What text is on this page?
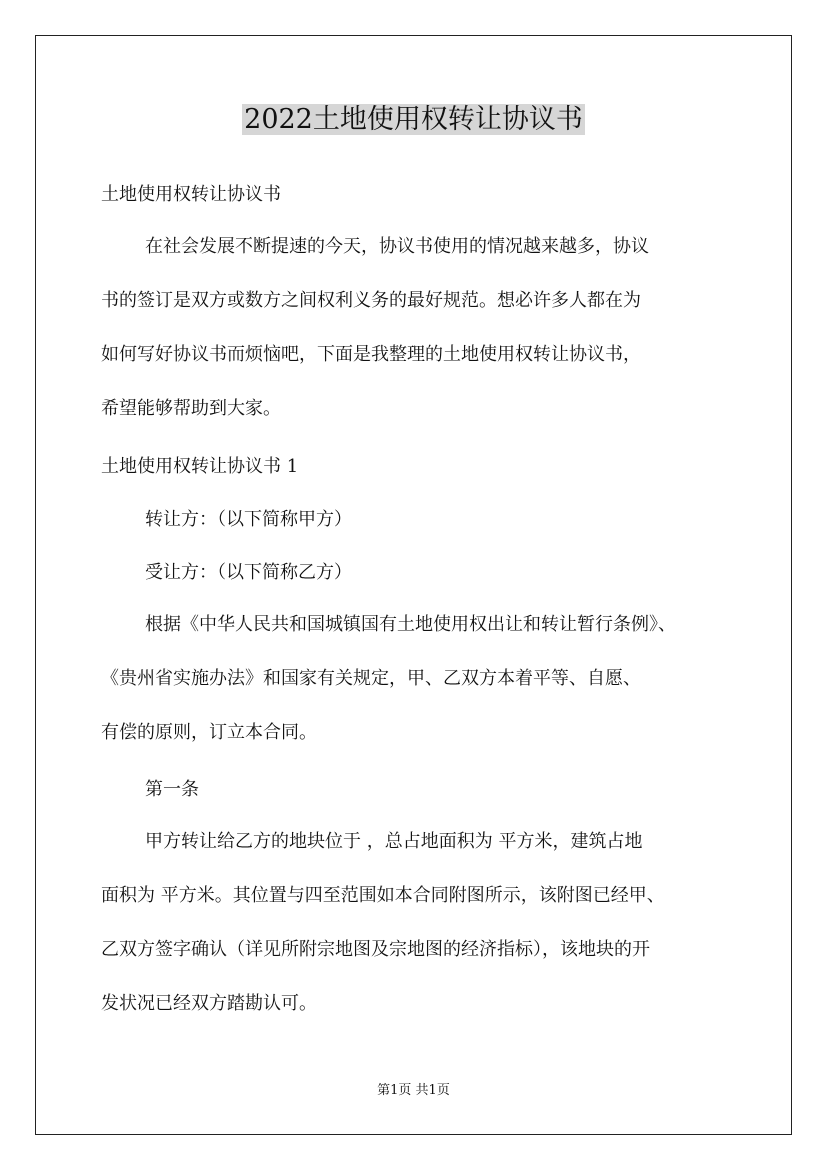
2022土地使用权转让协议书
土地使用权转让协议书
在社会发展不断提速的今天，协议书使用的情况越来越多，协议
书的签订是双方或数方之间权利义务的最好规范。想必许多人都在为
如何写好协议书而烦恼吧，下面是我整理的土地使用权转让协议书，
希望能够帮助到大家。
土地使用权转让协议书 1
转让方：（以下简称甲方）
受让方：（以下简称乙方）
根据《中华人民共和国城镇国有土地使用权出让和转让暂行条例》、
《贵州省实施办法》和国家有关规定，甲、乙双方本着平等、自愿、
有偿的原则，订立本合同。
第一条
甲方转让给乙方的地块位于 ，总占地面积为 平方米，建筑占地
面积为 平方米。其位置与四至范围如本合同附图所示，该附图已经甲、
乙双方签字确认（详见所附宗地图及宗地图的经济指标），该地块的开
发状况已经双方踏勘认可。
第1页 共1页
